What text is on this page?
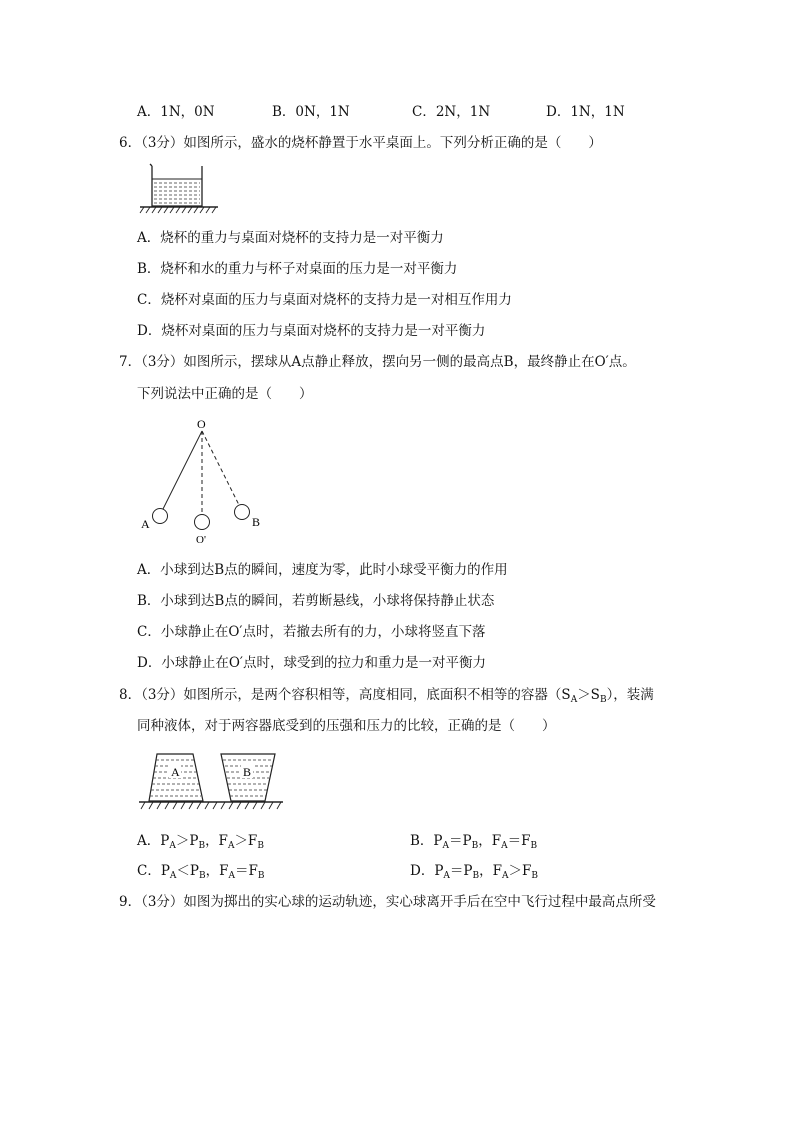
A．1N，0N	B．0N，1N	C．2N，1N	D．1N，1N
6．（3分）如图所示，盛水的烧杯静置于水平桌面上。下列分析正确的是（　　）
A．烧杯的重力与桌面对烧杯的支持力是一对平衡力
B．烧杯和水的重力与杯子对桌面的压力是一对平衡力
C．烧杯对桌面的压力与桌面对烧杯的支持力是一对相互作用力
D．烧杯对桌面的压力与桌面对烧杯的支持力是一对平衡力
7．（3分）如图所示，摆球从A点静止释放，摆向另一侧的最高点B，最终静止在O′点。
下列说法中正确的是（　　）
O
A	B
O'
A．小球到达B点的瞬间，速度为零，此时小球受平衡力的作用
B．小球到达B点的瞬间，若剪断悬线，小球将保持静止状态
C．小球静止在O′点时，若撤去所有的力，小球将竖直下落
D．小球静止在O′点时，球受到的拉力和重力是一对平衡力
8．（3分）如图所示，是两个容积相等，高度相同，底面积不相等的容器$(S_A>S_B)$，装满
同种液体，对于两容器底受到的压强和压力的比较，正确的是（　　）
A	B
A．$P_A>P_B$，$F_A>F_B$	B．$P_A=P_B$，$F_A=F_B$
C．$P_A<P_B$，$F_A=F_B$	D．$P_A=P_B$，$F_A>F_B$
9．（3分）如图为掷出的实心球的运动轨迹，实心球离开手后在空中飞行过程中最高点所受
